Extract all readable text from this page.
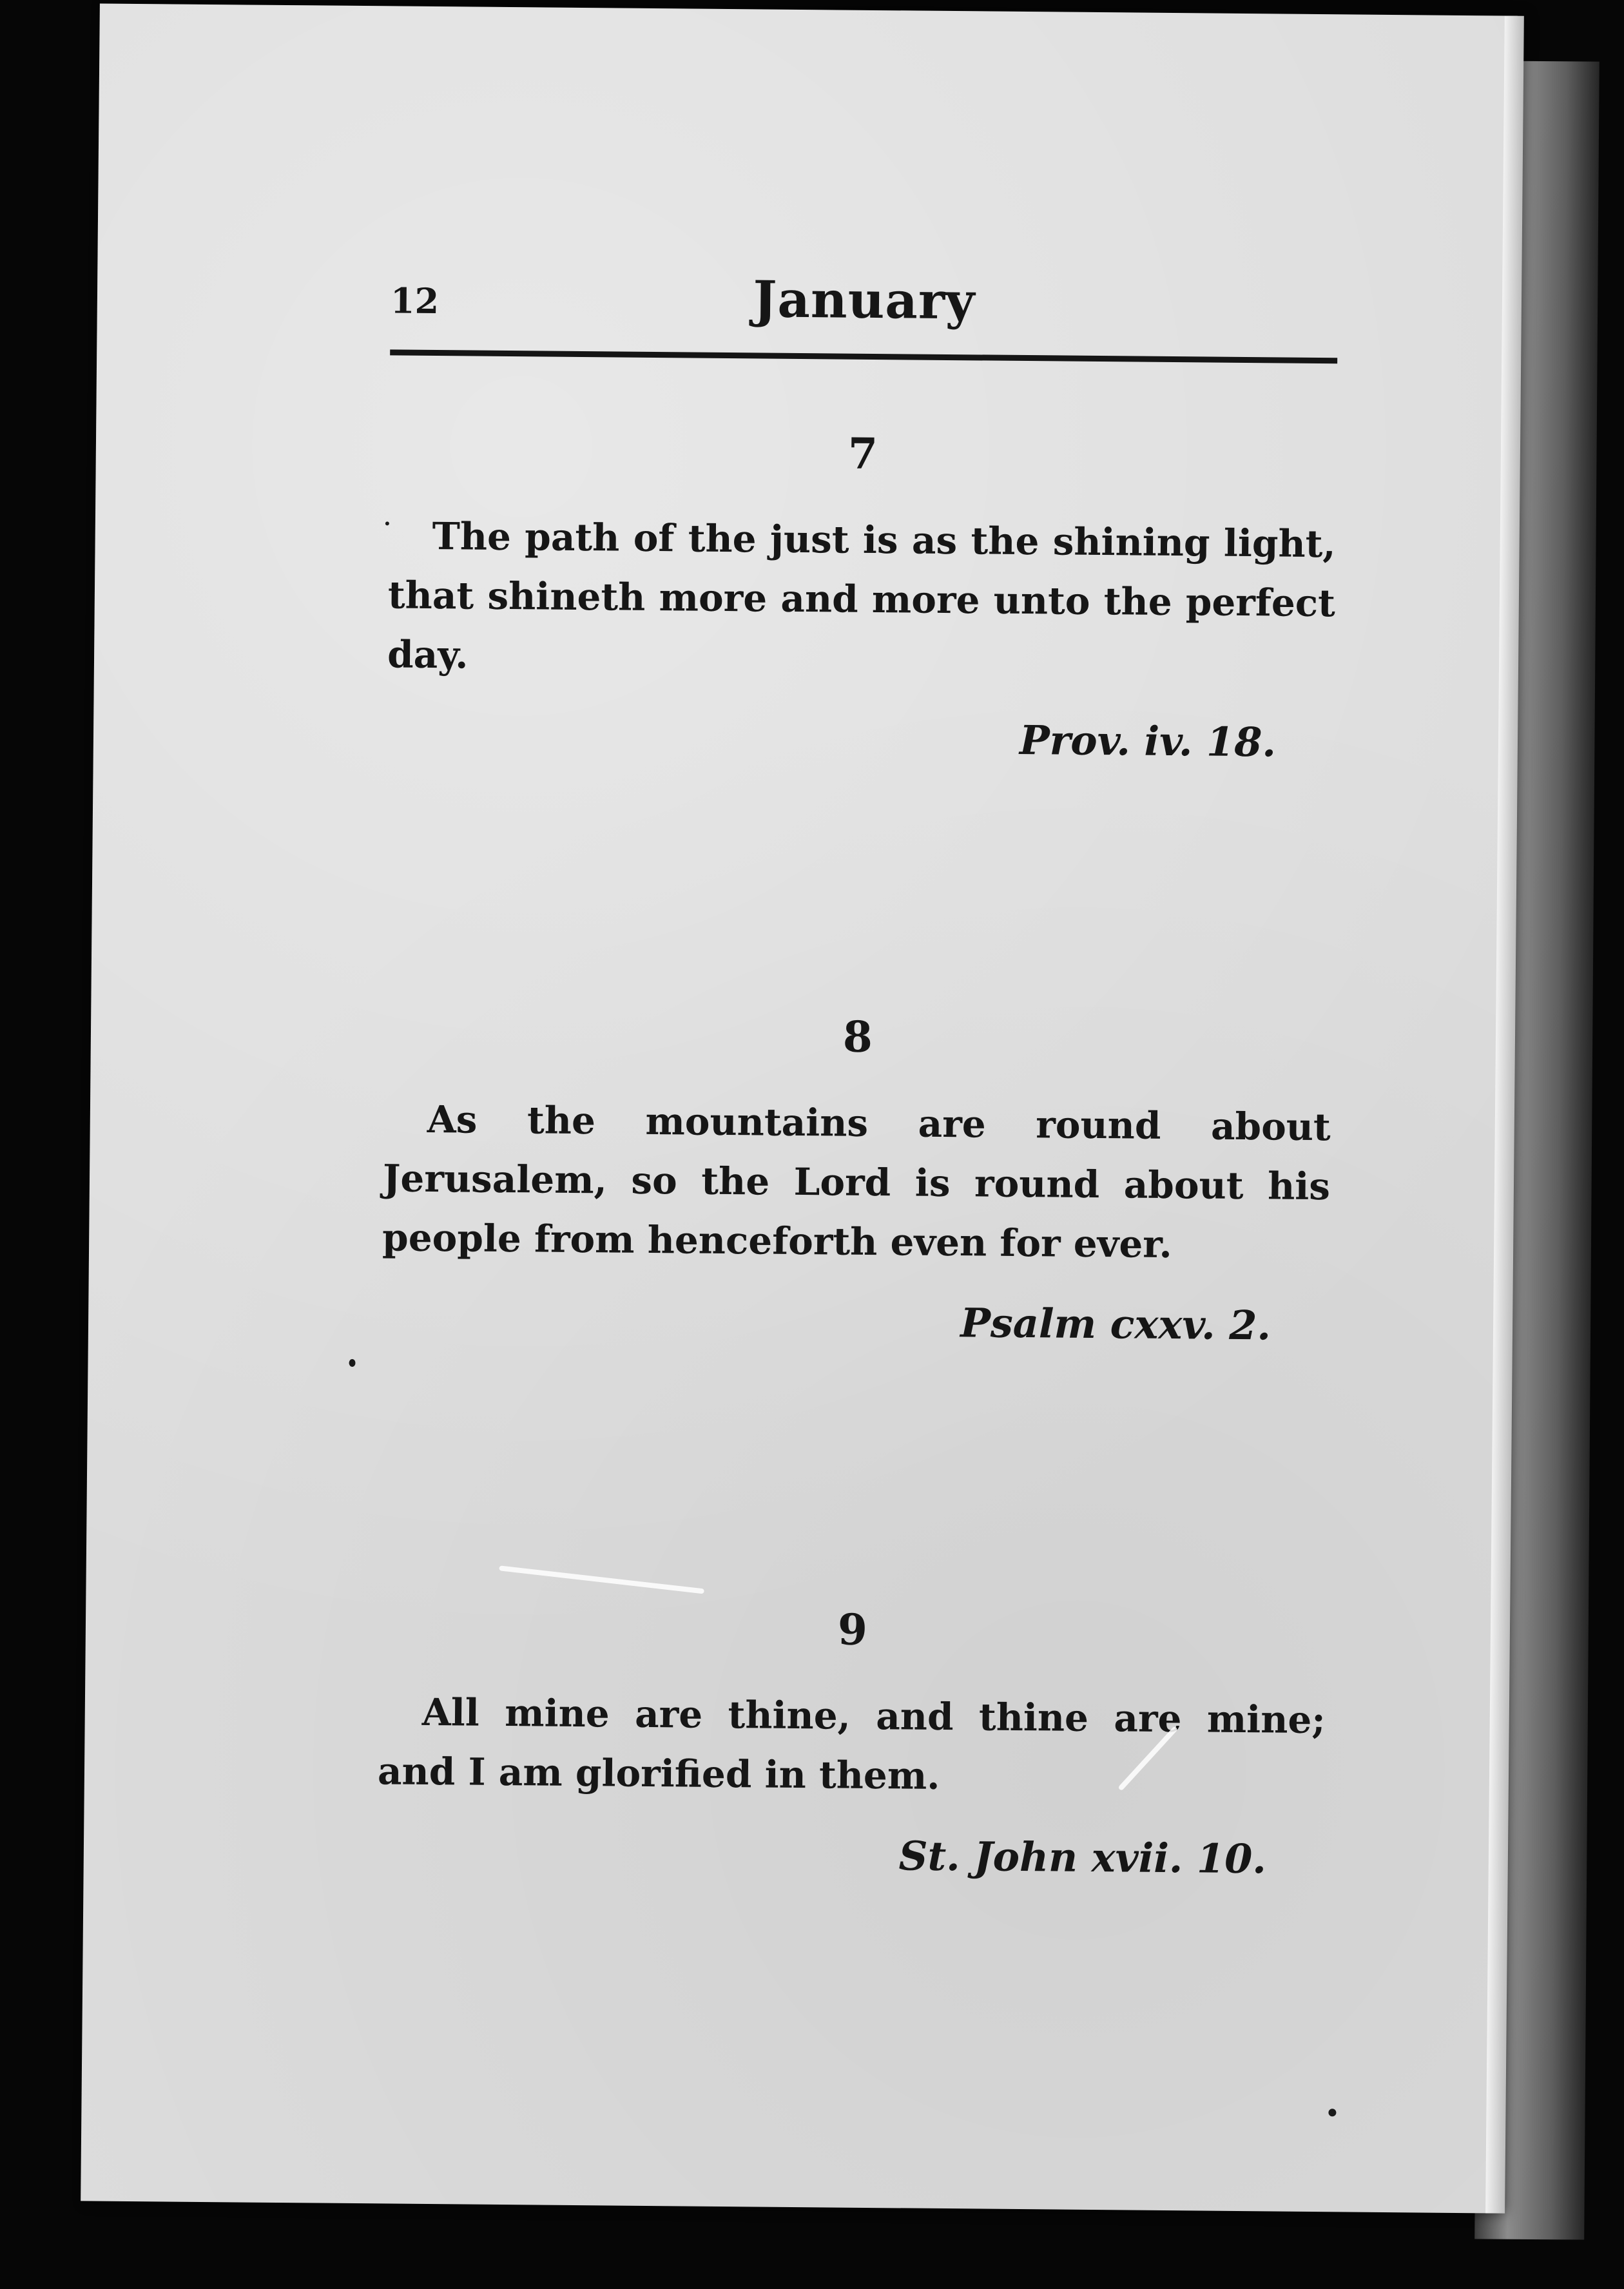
12	January
7

The path of the just is as the shining light, that shineth more and more unto the perfect day.

Prov. iv. 18.
8

As the mountains are round about Jerusalem, so the Lord is round about his people from henceforth even for ever.

Psalm cxxv. 2.
9

All mine are thine, and thine are mine; and I am glorified in them.

St. John xvii. 10.
